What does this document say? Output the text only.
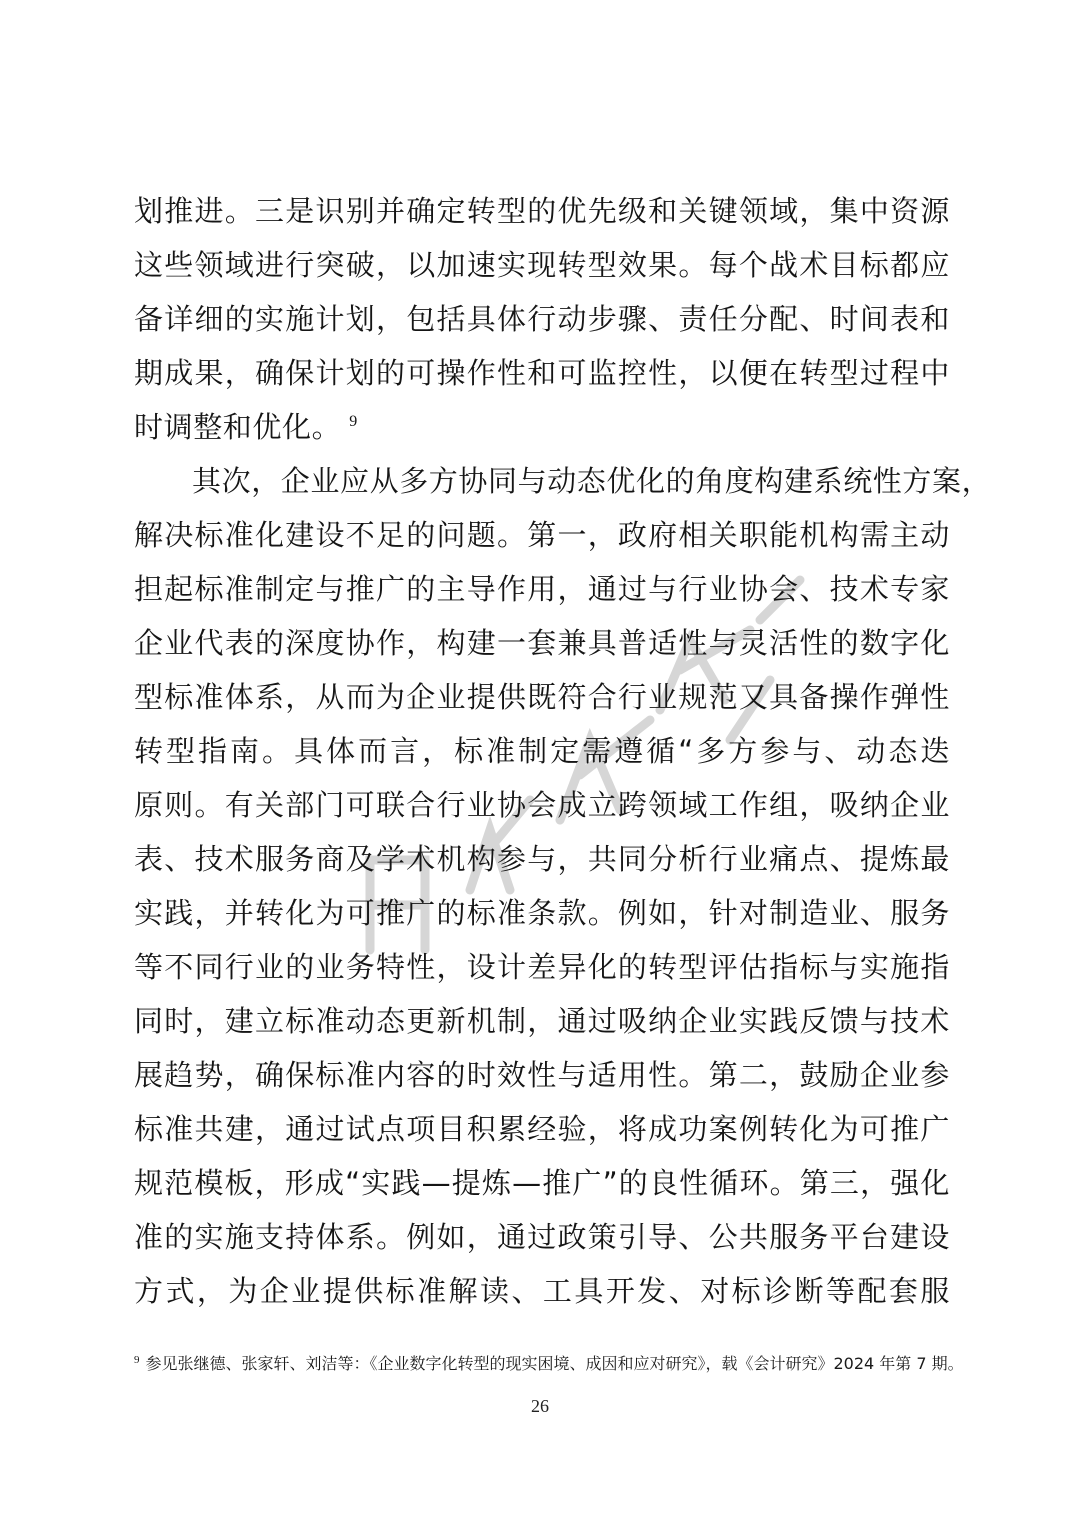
划推进。三是识别并确定转型的优先级和关键领域，集中资源
这些领域进行突破，以加速实现转型效果。每个战术目标都应
备详细的实施计划，包括具体行动步骤、责任分配、时间表和
期成果，确保计划的可操作性和可监控性，以便在转型过程中
时调整和优化。 $^9$
其次，企业应从多方协同与动态优化的角度构建系统性方案，
解决标准化建设不足的问题。第一，政府相关职能机构需主动
担起标准制定与推广的主导作用，通过与行业协会、技术专家
企业代表的深度协作，构建一套兼具普适性与灵活性的数字化
型标准体系，从而为企业提供既符合行业规范又具备操作弹性
转型指南。具体而言，标准制定需遵循“多方参与、动态迭
原则。有关部门可联合行业协会成立跨领域工作组，吸纳企业
表、技术服务商及学术机构参与，共同分析行业痛点、提炼最
实践，并转化为可推广的标准条款。例如，针对制造业、服务
等不同行业的业务特性，设计差异化的转型评估指标与实施指
同时，建立标准动态更新机制，通过吸纳企业实践反馈与技术
展趋势，确保标准内容的时效性与适用性。第二，鼓励企业参
标准共建，通过试点项目积累经验，将成功案例转化为可推广
规范模板，形成“实践—提炼—推广”的良性循环。第三，强化
准的实施支持体系。例如，通过政策引导、公共服务平台建设
方式，为企业提供标准解读、工具开发、对标诊断等配套服
$^9$ 参见张继德、张家轩、刘洁等：《企业数字化转型的现实困境、成因和应对研究》，载《会计研究》2024 年第 7 期。
26
